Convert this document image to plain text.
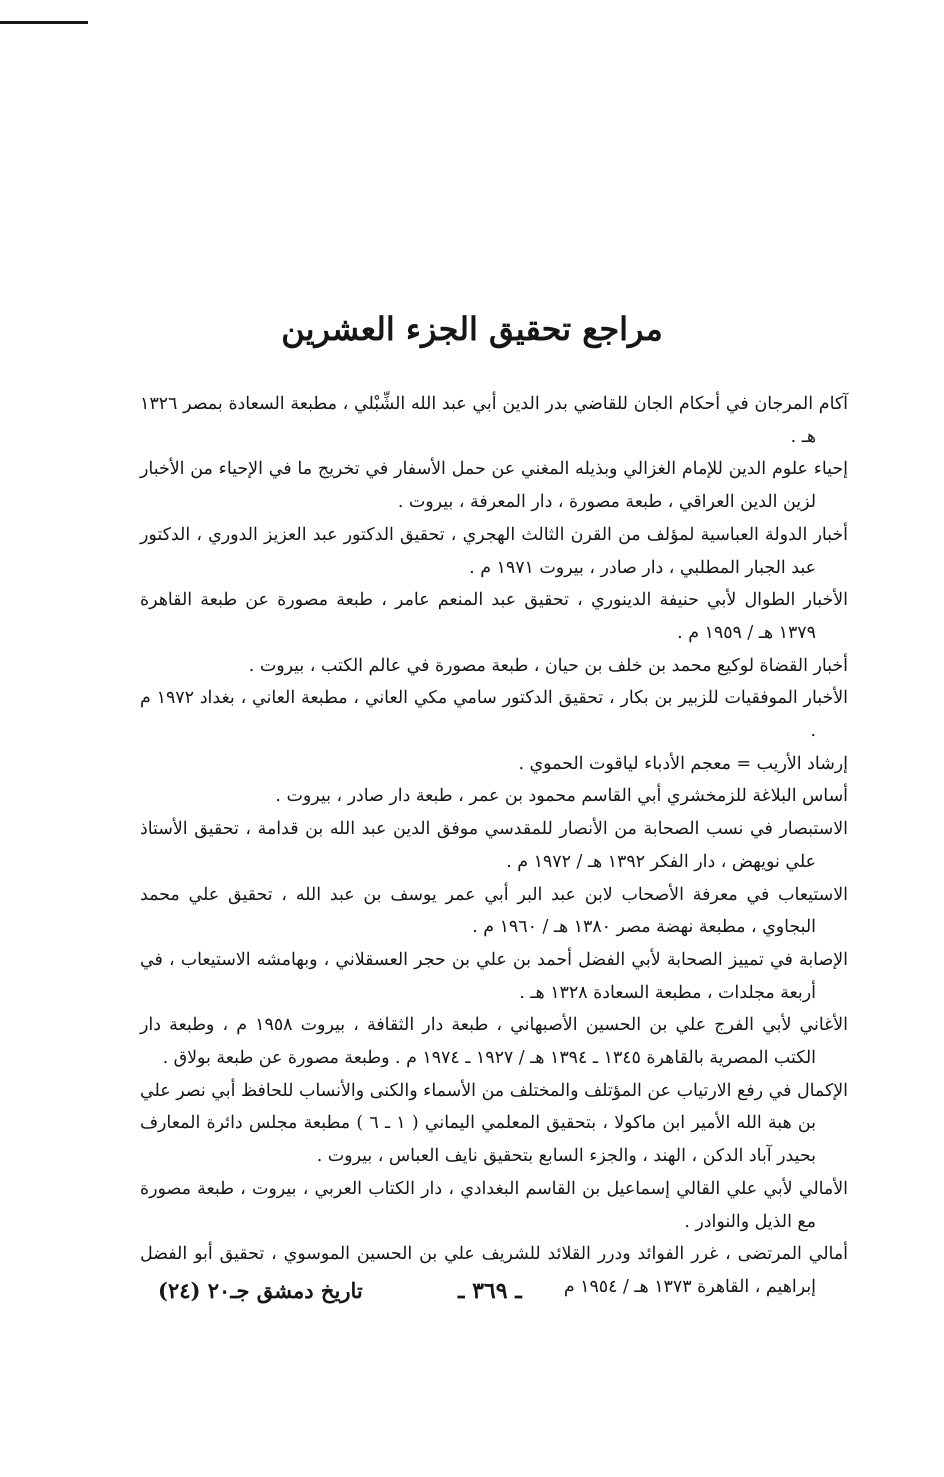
مراجع تحقيق الجزء العشرين
آكام المرجان في أحكام الجان للقاضي بدر الدين أبي عبد الله الشِّبْلي ، مطبعة السعادة بمصر ١٣٢٦ هـ .
إحياء علوم الدين للإمام الغزالي وبذيله المغني عن حمل الأسفار في تخريج ما في الإحياء من الأخبار لزين الدين العراقي ، طبعة مصورة ، دار المعرفة ، بيروت .
أخبار الدولة العباسية لمؤلف من القرن الثالث الهجري ، تحقيق الدكتور عبد العزيز الدوري ، الدكتور عبد الجبار المطلبي ، دار صادر ، بيروت ١٩٧١ م .
الأخبار الطوال لأبي حنيفة الدينوري ، تحقيق عبد المنعم عامر ، طبعة مصورة عن طبعة القاهرة ١٣٧٩ هـ / ١٩٥٩ م .
أخبار القضاة لوكيع محمد بن خلف بن حيان ، طبعة مصورة في عالم الكتب ، بيروت .
الأخبار الموفقيات للزبير بن بكار ، تحقيق الدكتور سامي مكي العاني ، مطبعة العاني ، بغداد ١٩٧٢ م .
إرشاد الأريب = معجم الأدباء لياقوت الحموي .
أساس البلاغة للزمخشري أبي القاسم محمود بن عمر ، طبعة دار صادر ، بيروت .
الاستبصار في نسب الصحابة من الأنصار للمقدسي موفق الدين عبد الله بن قدامة ، تحقيق الأستاذ علي نويهض ، دار الفكر ١٣٩٢ هـ / ١٩٧٢ م .
الاستيعاب في معرفة الأصحاب لابن عبد البر أبي عمر يوسف بن عبد الله ، تحقيق علي محمد البجاوي ، مطبعة نهضة مصر ١٣٨٠ هـ / ١٩٦٠ م .
الإصابة في تمييز الصحابة لأبي الفضل أحمد بن علي بن حجر العسقلاني ، وبهامشه الاستيعاب ، في أربعة مجلدات ، مطبعة السعادة ١٣٢٨ هـ .
الأغاني لأبي الفرج علي بن الحسين الأصبهاني ، طبعة دار الثقافة ، بيروت ١٩٥٨ م ، وطبعة دار الكتب المصرية بالقاهرة ١٣٤٥ ـ ١٣٩٤ هـ / ١٩٢٧ ـ ١٩٧٤ م . وطبعة مصورة عن طبعة بولاق .
الإكمال في رفع الارتياب عن المؤتلف والمختلف من الأسماء والكنى والأنساب للحافظ أبي نصر علي بن هبة الله الأمير ابن ماكولا ، بتحقيق المعلمي اليماني ( ١ ـ ٦ ) مطبعة مجلس دائرة المعارف بحيدر آباد الدكن ، الهند ، والجزء السابع بتحقيق نايف العباس ، بيروت .
الأمالي لأبي علي القالي إسماعيل بن القاسم البغدادي ، دار الكتاب العربي ، بيروت ، طبعة مصورة مع الذيل والنوادر .
أمالي المرتضى ، غرر الفوائد ودرر القلائد للشريف علي بن الحسين الموسوي ، تحقيق أبو الفضل إبراهيم ، القاهرة ١٣٧٣ هـ / ١٩٥٤ م
ـ ٣٦٩ ـ
تاريخ دمشق جـ٢٠ (٢٤)
